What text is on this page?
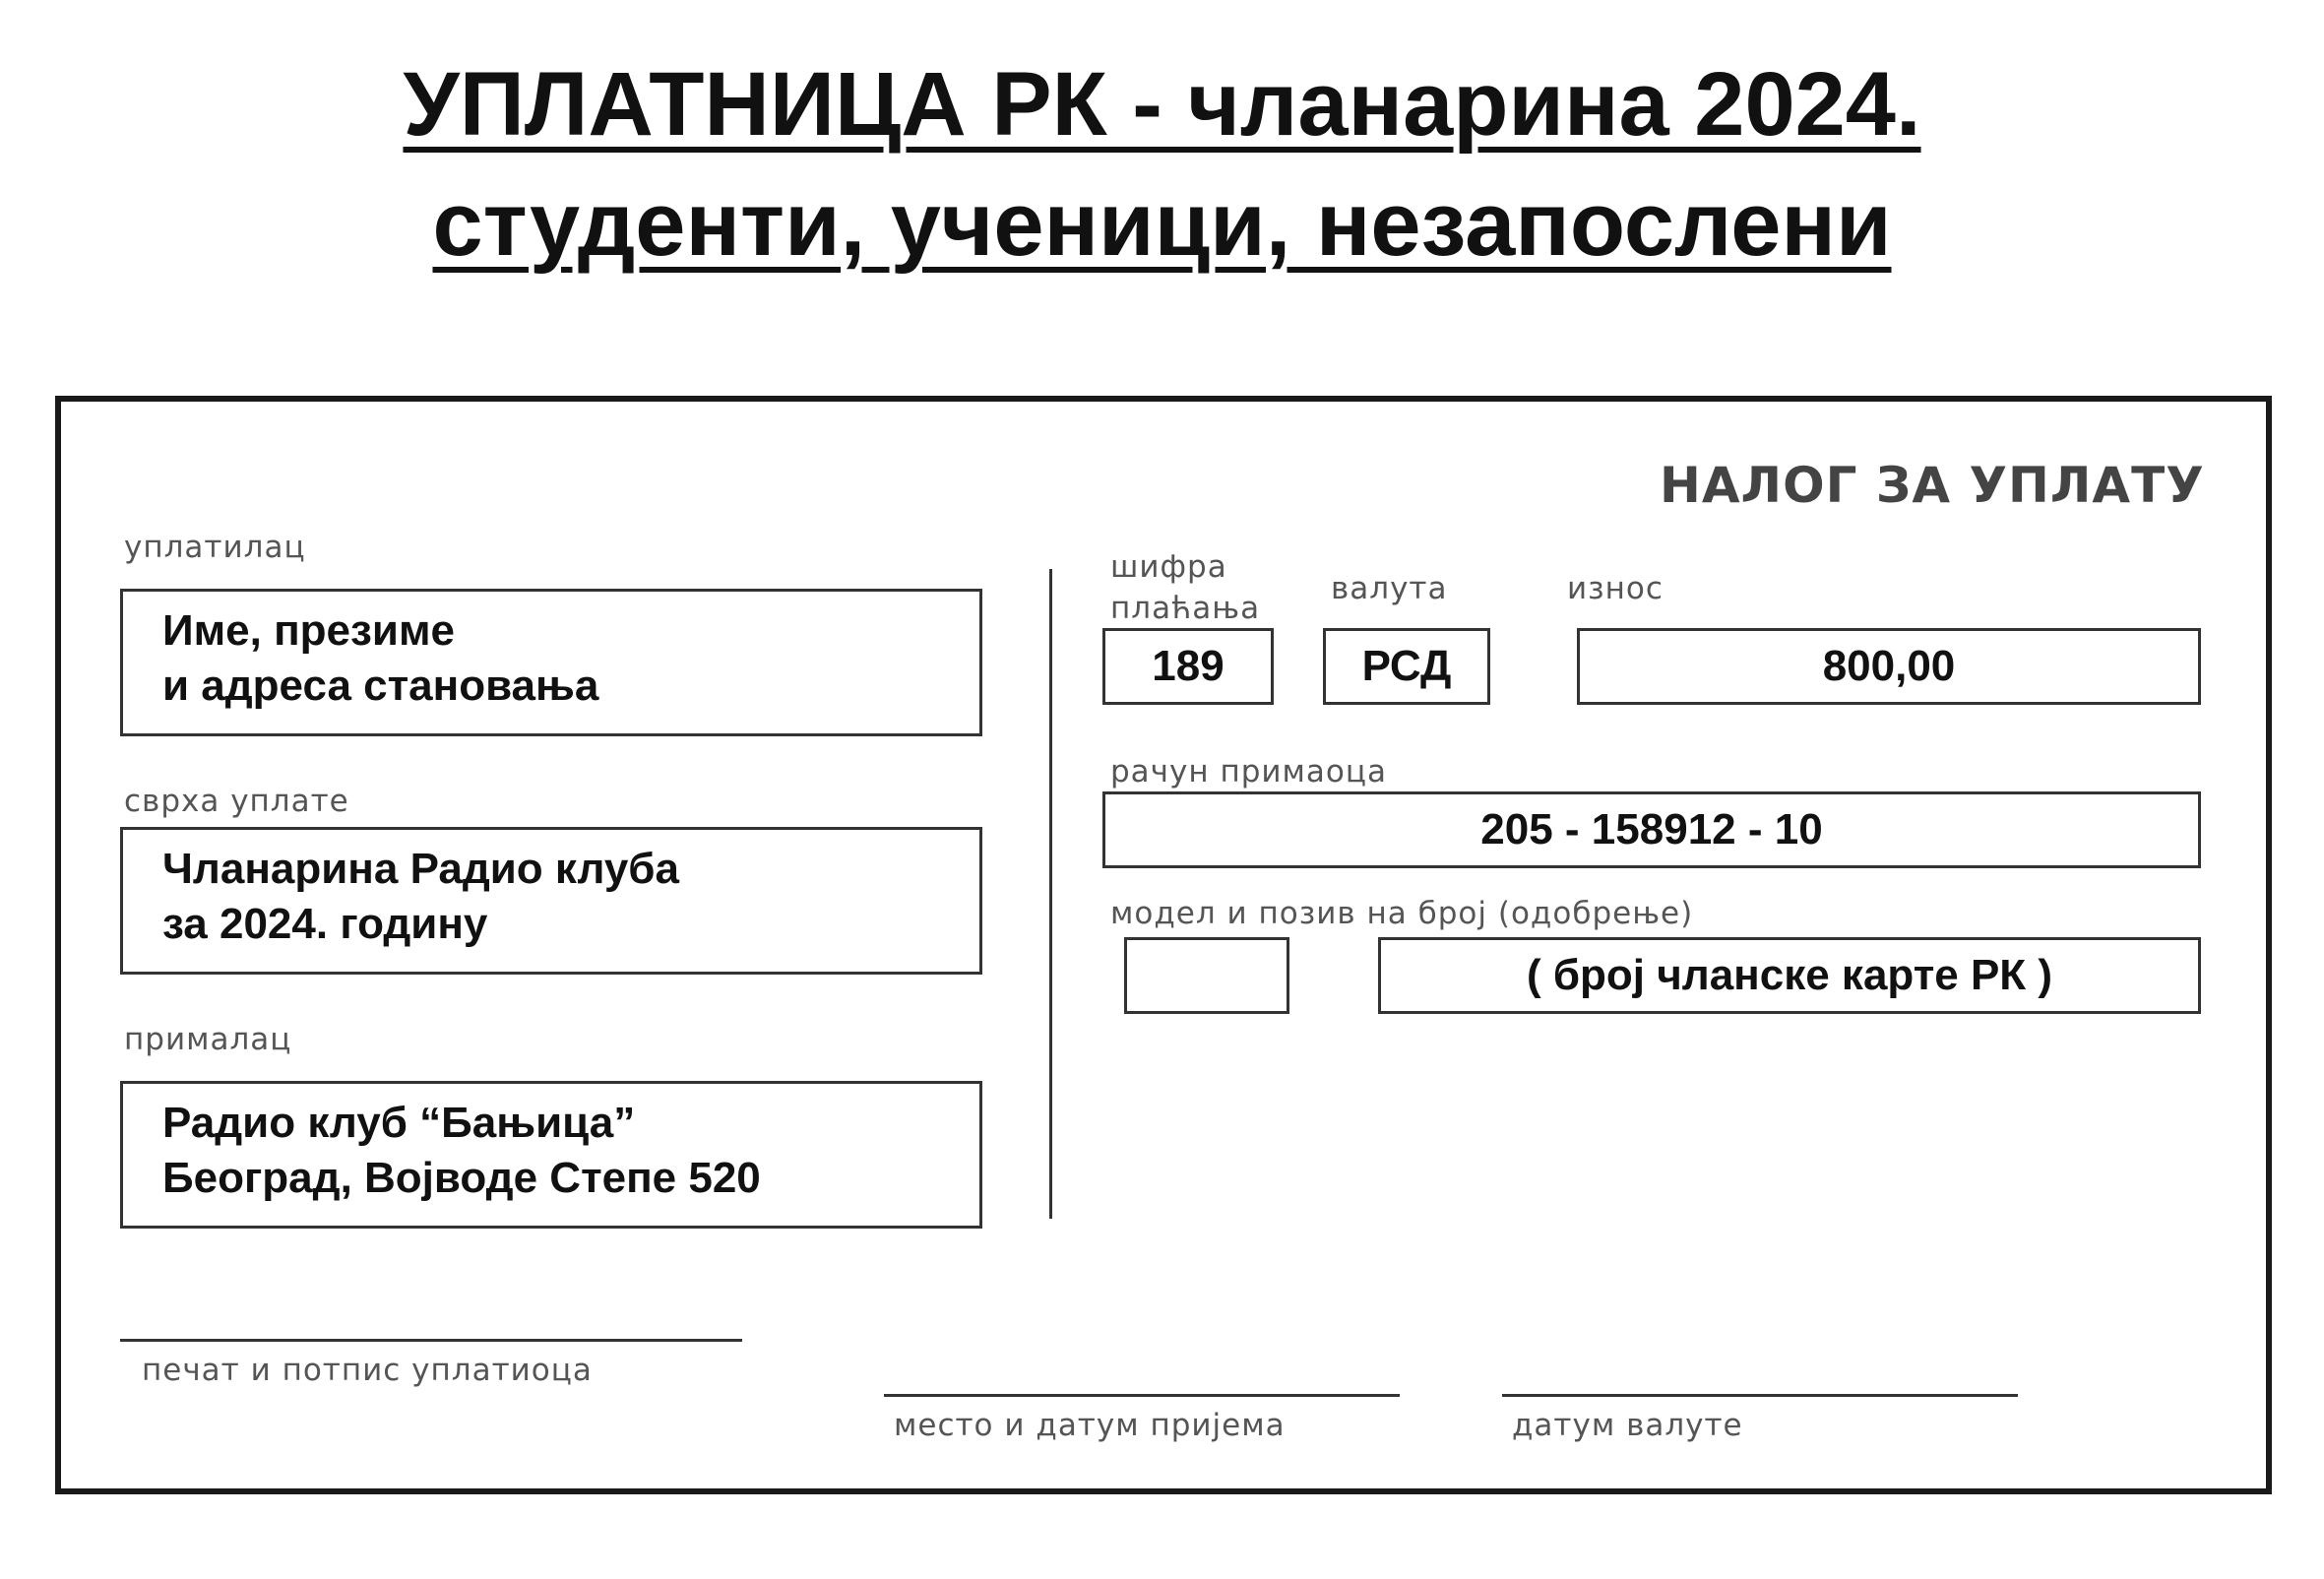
УПЛАТНИЦА РК - чланарина 2024.
студенти, ученици, незапослени
НАЛОГ ЗА УПЛАТУ
уплатилац
Име, презиме
и адреса становања
сврха уплате
Чланарина Радио клуба
за 2024. годину
прималац
Радио клуб “Бањица”
Београд, Војводе Степе 520
шифра
плаћања
189
валута
РСД
износ
800,00
рачун примаоца
205 - 158912 - 10
модел и позив на број (одобрење)
( број чланске карте РК )
печат и потпис уплатиоца
место и датум пријема	датум валуте
